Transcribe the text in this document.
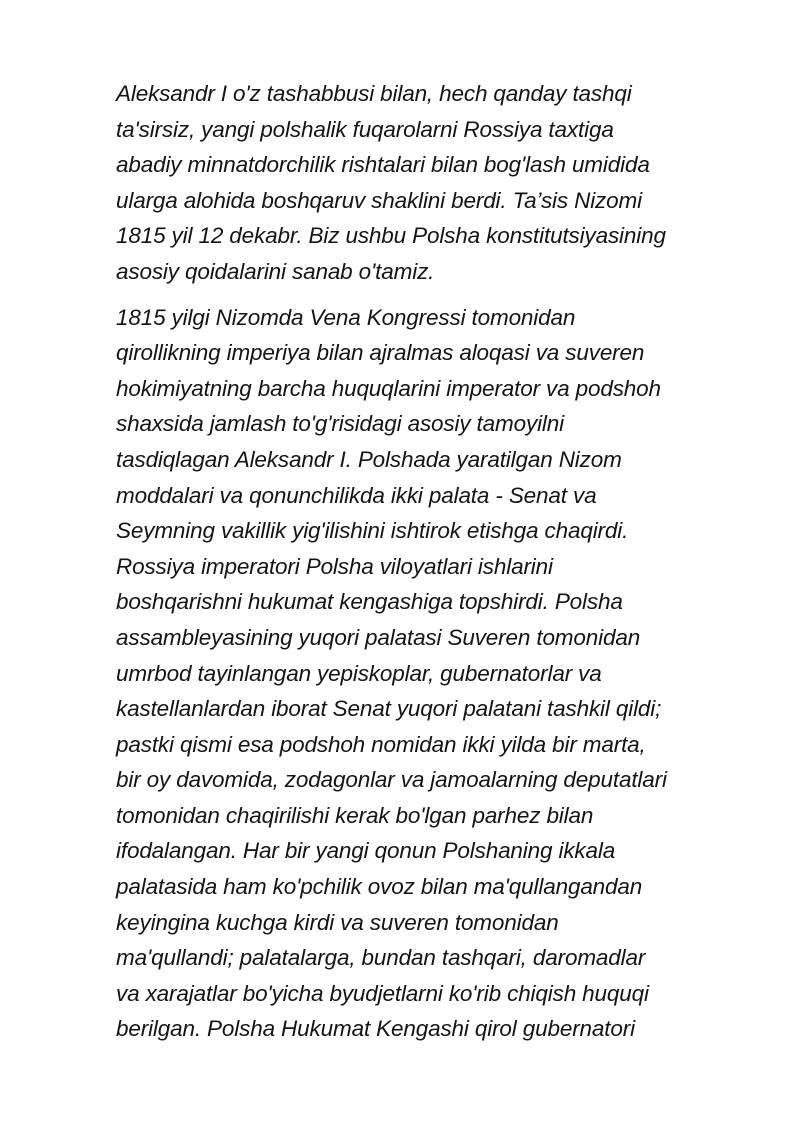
Aleksandr I o'z tashabbusi bilan, hech qanday tashqi
ta'sirsiz, yangi polshalik fuqarolarni Rossiya taxtiga
abadiy minnatdorchilik rishtalari bilan bog'lash umidida
ularga alohida boshqaruv shaklini berdi. Ta’sis Nizomi
1815 yil 12 dekabr. Biz ushbu Polsha konstitutsiyasining
asosiy qoidalarini sanab o'tamiz.
1815 yilgi Nizomda Vena Kongressi tomonidan
qirollikning imperiya bilan ajralmas aloqasi va suveren
hokimiyatning barcha huquqlarini imperator va podshoh
shaxsida jamlash to'g'risidagi asosiy tamoyilni
tasdiqlagan Aleksandr I. Polshada yaratilgan Nizom
moddalari va qonunchilikda ikki palata - Senat va
Seymning vakillik yig'ilishini ishtirok etishga chaqirdi.
Rossiya imperatori Polsha viloyatlari ishlarini
boshqarishni hukumat kengashiga topshirdi. Polsha
assambleyasining yuqori palatasi Suveren tomonidan
umrbod tayinlangan yepiskoplar, gubernatorlar va
kastellanlardan iborat Senat yuqori palatani tashkil qildi;
pastki qismi esa podshoh nomidan ikki yilda bir marta,
bir oy davomida, zodagonlar va jamoalarning deputatlari
tomonidan chaqirilishi kerak bo'lgan parhez bilan
ifodalangan. Har bir yangi qonun Polshaning ikkala
palatasida ham ko'pchilik ovoz bilan ma'qullangandan
keyingina kuchga kirdi va suveren tomonidan
ma'qullandi; palatalarga, bundan tashqari, daromadlar
va xarajatlar bo'yicha byudjetlarni ko'rib chiqish huquqi
berilgan. Polsha Hukumat Kengashi qirol gubernatori
